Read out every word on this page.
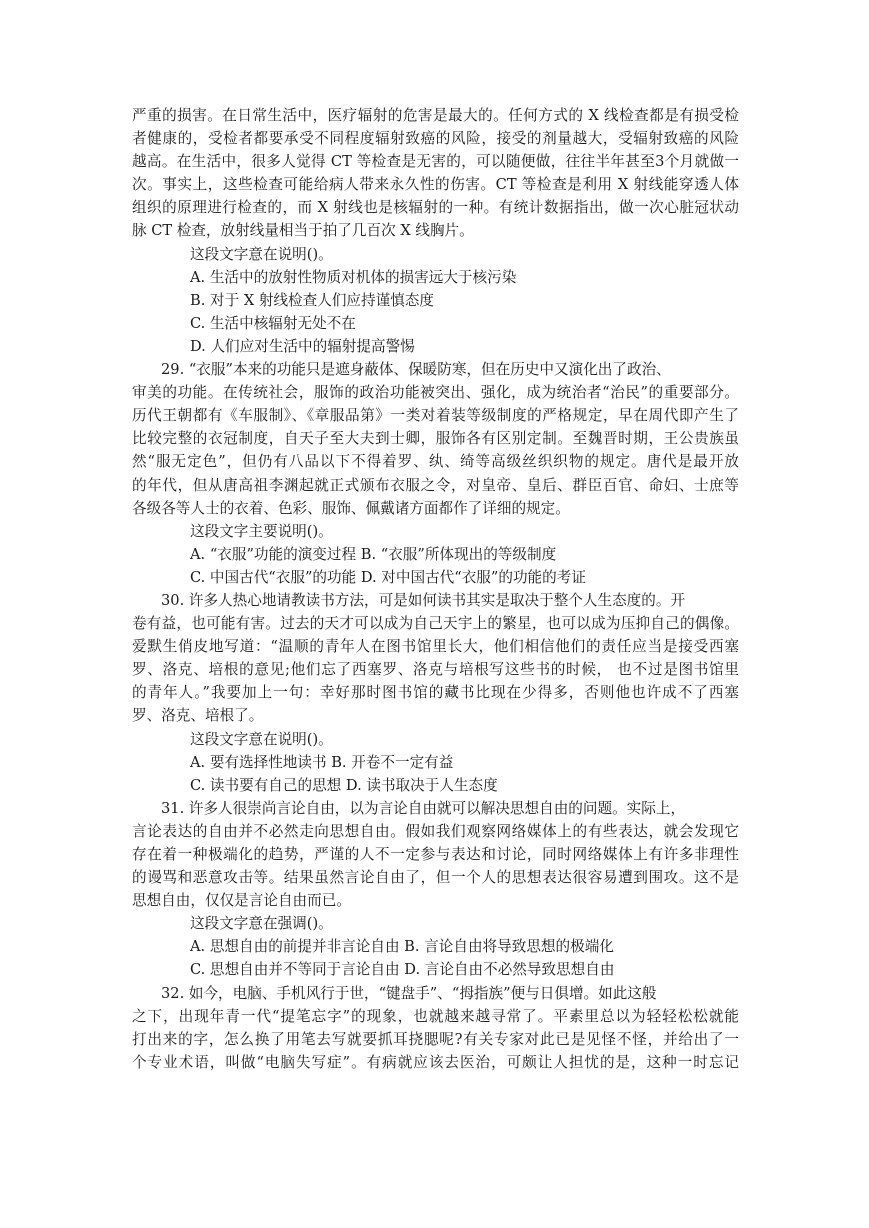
严重的损害。在日常生活中，医疗辐射的危害是最大的。任何方式的 X 线检查都是有损受检
者健康的，受检者都要承受不同程度辐射致癌的风险，接受的剂量越大，受辐射致癌的风险
越高。在生活中，很多人觉得 CT 等检查是无害的，可以随便做，往往半年甚至3个月就做一
次。事实上，这些检查可能给病人带来永久性的伤害。CT 等检查是利用 X 射线能穿透人体
组织的原理进行检查的，而 X 射线也是核辐射的一种。有统计数据指出，做一次心脏冠状动
脉 CT 检查，放射线量相当于拍了几百次 X 线胸片。
这段文字意在说明()。
A. 生活中的放射性物质对机体的损害远大于核污染
B. 对于 X 射线检查人们应持谨慎态度
C. 生活中核辐射无处不在
D. 人们应对生活中的辐射提高警惕
29. “衣服”本来的功能只是遮身蔽体、保暖防寒，但在历史中又演化出了政治、
审美的功能。在传统社会，服饰的政治功能被突出、强化，成为统治者“治民”的重要部分。
历代王朝都有《车服制》、《章服品第》一类对着装等级制度的严格规定，早在周代即产生了
比较完整的衣冠制度，自天子至大夫到士卿，服饰各有区别定制。至魏晋时期，王公贵族虽
然“服无定色”，但仍有八品以下不得着罗、纨、绮等高级丝织织物的规定。唐代是最开放
的年代，但从唐高祖李渊起就正式颁布衣服之令，对皇帝、皇后、群臣百官、命妇、士庶等
各级各等人士的衣着、色彩、服饰、佩戴诸方面都作了详细的规定。
这段文字主要说明()。
A. “衣服”功能的演变过程 B. “衣服”所体现出的等级制度
C. 中国古代“衣服”的功能 D. 对中国古代“衣服”的功能的考证
30. 许多人热心地请教读书方法，可是如何读书其实是取决于整个人生态度的。开
卷有益，也可能有害。过去的天才可以成为自己天宇上的繁星，也可以成为压抑自己的偶像。
爱默生俏皮地写道：“温顺的青年人在图书馆里长大，他们相信他们的责任应当是接受西塞
罗、洛克、培根的意见;他们忘了西塞罗、洛克与培根写这些书的时候， 也不过是图书馆里
的青年人。”我要加上一句：幸好那时图书馆的藏书比现在少得多，否则他也许成不了西塞
罗、洛克、培根了。
这段文字意在说明()。
A. 要有选择性地读书 B. 开卷不一定有益
C. 读书要有自己的思想 D. 读书取决于人生态度
31. 许多人很崇尚言论自由，以为言论自由就可以解决思想自由的问题。实际上，
言论表达的自由并不必然走向思想自由。假如我们观察网络媒体上的有些表达，就会发现它
存在着一种极端化的趋势，严谨的人不一定参与表达和讨论，同时网络媒体上有许多非理性
的谩骂和恶意攻击等。结果虽然言论自由了，但一个人的思想表达很容易遭到围攻。这不是
思想自由，仅仅是言论自由而已。
这段文字意在强调()。
A. 思想自由的前提并非言论自由 B. 言论自由将导致思想的极端化
C. 思想自由并不等同于言论自由 D. 言论自由不必然导致思想自由
32. 如今，电脑、手机风行于世，“键盘手”、“拇指族”便与日俱增。如此这般
之下，出现年青一代“提笔忘字”的现象，也就越来越寻常了。平素里总以为轻轻松松就能
打出来的字，怎么换了用笔去写就要抓耳挠腮呢?有关专家对此已是见怪不怪，并给出了一
个专业术语，叫做“电脑失写症”。有病就应该去医治，可颇让人担忧的是，这种一时忘记
